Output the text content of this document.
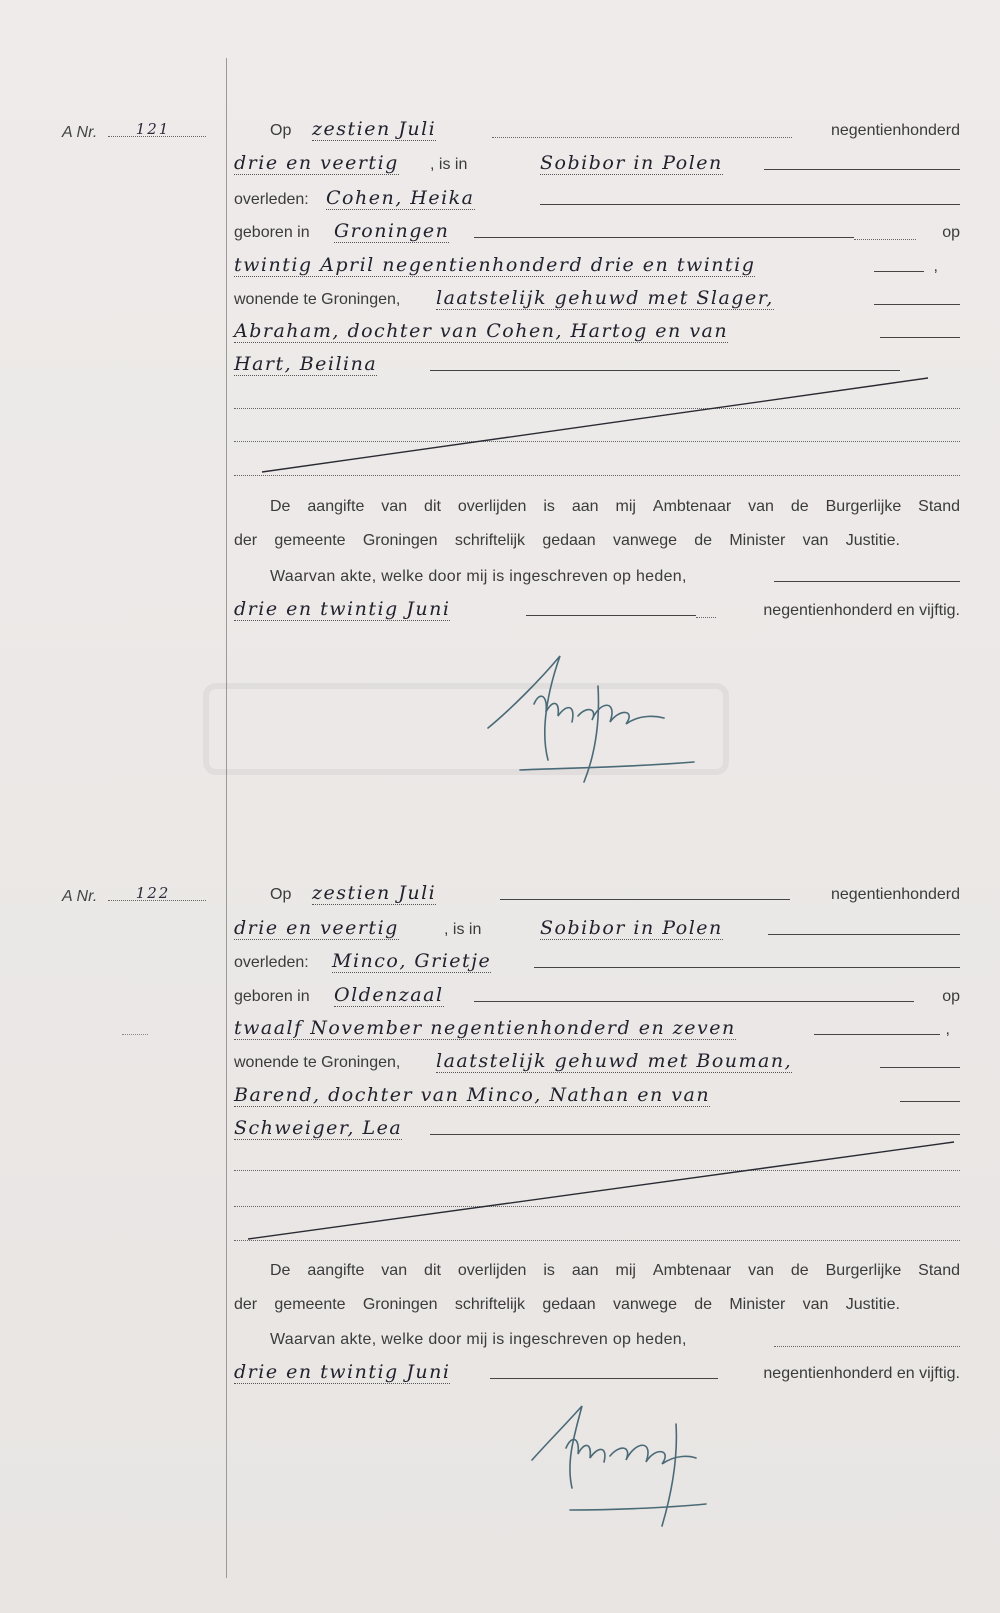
A Nr.	121	Op zestien Juli	negentienhonderd
drie en veertig , is in	Sobibor in Polen
overleden: Cohen, Heika
geboren in Groningen	op
twintig April negentienhonderd drie en twintig	,
wonende te Groningen, laatstelijk gehuwd met Slager,
Abraham, dochter van Cohen, Hartog en van
Hart, Beilina
De aangifte van dit overlijden is aan mij Ambtenaar van de Burgerlijke Stand
der gemeente Groningen schriftelijk gedaan vanwege de Minister van Justitie.
Waarvan akte, welke door mij is ingeschreven op heden,
drie en twintig Juni	negentienhonderd en vijftig.
A Nr.	122	Op zestien Juli	negentienhonderd
drie en veertig	, is in	Sobibor in Polen
overleden: Minco, Grietje
geboren in Oldenzaal	op
twaalf November negentienhonderd en zeven	,
wonende te Groningen, laatstelijk gehuwd met Bouman,
Barend, dochter van Minco, Nathan en van
Schweiger, Lea
De aangifte van dit overlijden is aan mij Ambtenaar van de Burgerlijke Stand
der gemeente Groningen schriftelijk gedaan vanwege de Minister van Justitie.
Waarvan akte, welke door mij is ingeschreven op heden,
drie en twintig Juni	negentienhonderd en vijftig.
